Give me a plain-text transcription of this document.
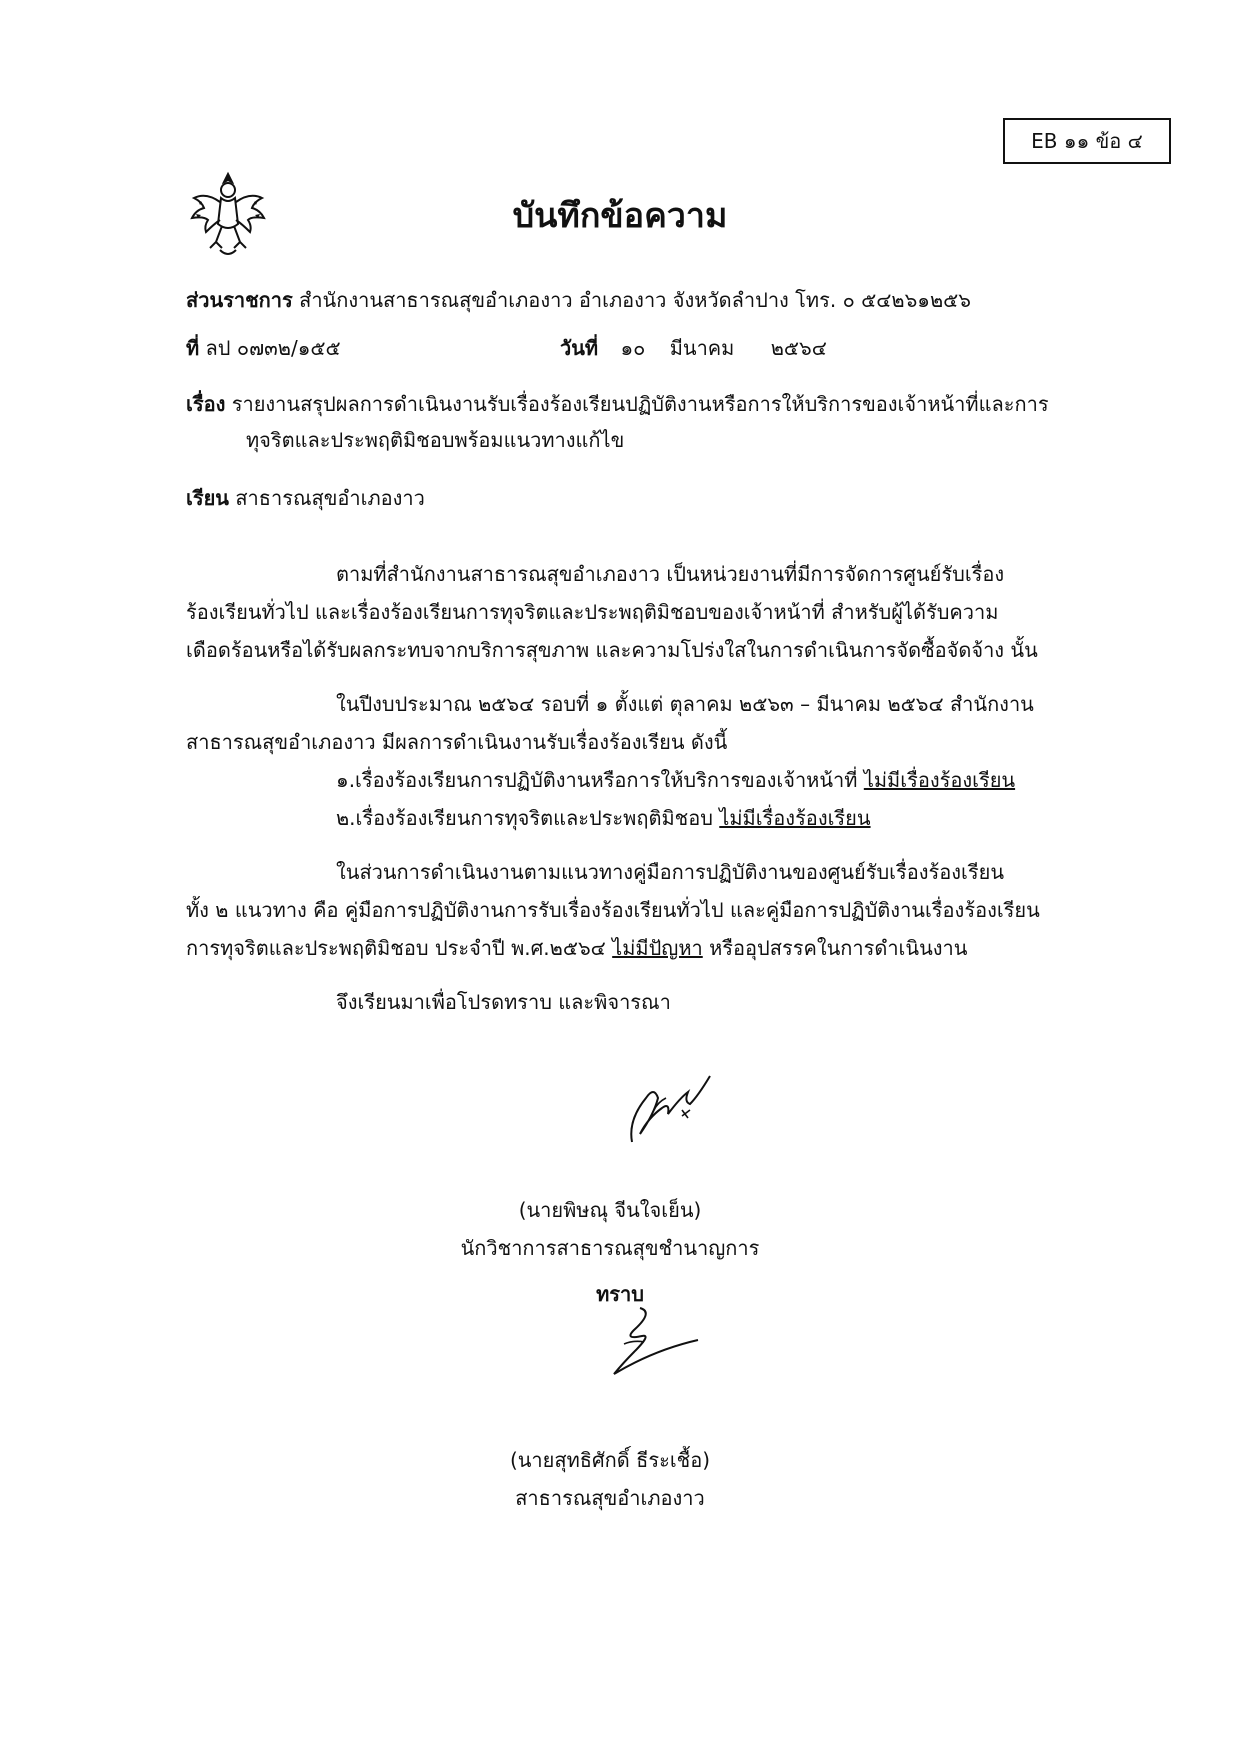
EB ๑๑ ข้อ ๔
บันทึกข้อความ
ส่วนราชการ สำนักงานสาธารณสุขอำเภองาว อำเภองาว จังหวัดลำปาง โทร. ๐ ๕๔๒๖๑๒๕๖
ที่ ลป ๐๗๓๒/๑๕๕	วันที่ ๑๐ มีนาคม ๒๕๖๔
เรื่อง รายงานสรุปผลการดำเนินงานรับเรื่องร้องเรียนปฏิบัติงานหรือการให้บริการของเจ้าหน้าที่และการ
ทุจริตและประพฤติมิชอบพร้อมแนวทางแก้ไข
เรียน สาธารณสุขอำเภองาว
ตามที่สำนักงานสาธารณสุขอำเภองาว เป็นหน่วยงานที่มีการจัดการศูนย์รับเรื่อง
ร้องเรียนทั่วไป และเรื่องร้องเรียนการทุจริตและประพฤติมิชอบของเจ้าหน้าที่ สำหรับผู้ได้รับความ
เดือดร้อนหรือได้รับผลกระทบจากบริการสุขภาพ และความโปร่งใสในการดำเนินการจัดซื้อจัดจ้าง นั้น
ในปีงบประมาณ ๒๕๖๔ รอบที่ ๑ ตั้งแต่ ตุลาคม ๒๕๖๓ – มีนาคม ๒๕๖๔ สำนักงาน
สาธารณสุขอำเภองาว มีผลการดำเนินงานรับเรื่องร้องเรียน ดังนี้
๑.เรื่องร้องเรียนการปฏิบัติงานหรือการให้บริการของเจ้าหน้าที่ ไม่มีเรื่องร้องเรียน
๒.เรื่องร้องเรียนการทุจริตและประพฤติมิชอบ ไม่มีเรื่องร้องเรียน
ในส่วนการดำเนินงานตามแนวทางคู่มือการปฏิบัติงานของศูนย์รับเรื่องร้องเรียน
ทั้ง ๒ แนวทาง คือ คู่มือการปฏิบัติงานการรับเรื่องร้องเรียนทั่วไป และคู่มือการปฏิบัติงานเรื่องร้องเรียน
การทุจริตและประพฤติมิชอบ ประจำปี พ.ศ.๒๕๖๔ ไม่มีปัญหา หรืออุปสรรคในการดำเนินงาน
จึงเรียนมาเพื่อโปรดทราบ และพิจารณา
(นายพิษณุ จีนใจเย็น)
นักวิชาการสาธารณสุขชำนาญการ
ทราบ
(นายสุทธิศักดิ์ ธีระเชื้อ)
สาธารณสุขอำเภองาว
